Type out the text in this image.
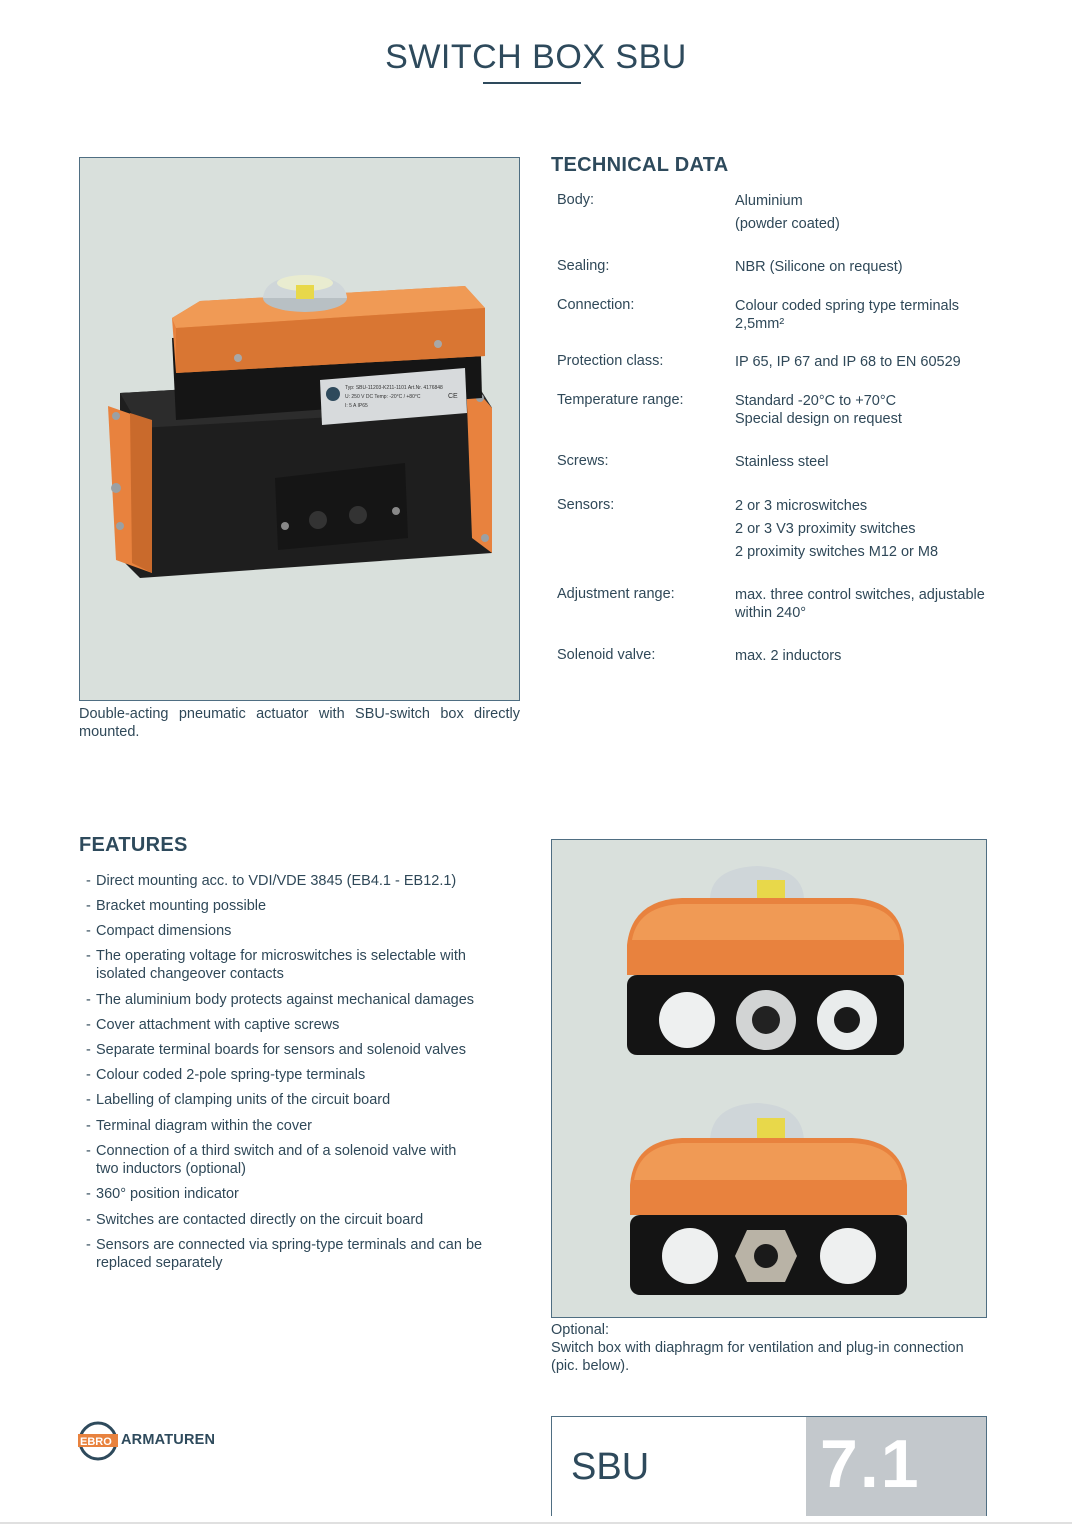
SWITCH BOX SBU
Typ: SBU-11203-K211-1101 Art.Nr. 4176848
U: 250 V DC Temp: -20°C / +80°C
I: 5 A IP65
CE
Double-acting pneumatic actuator with SBU-switch box directly mounted.
TECHNICAL DATA
Body:	Aluminium
(powder coated)
Sealing:	NBR (Silicone on request)
Connection:	Colour coded spring type terminals
2,5mm²
Protection class:	IP 65, IP 67 and IP 68 to EN 60529
Temperature range:	Standard -20°C to +70°C
Special design on request
Screws:	Stainless steel
Sensors:	2 or 3 microswitches
2 or 3 V3 proximity switches
2 proximity switches M12 or M8
Adjustment range:	max. three control switches, adjustable
within 240°
Solenoid valve:	max. 2 inductors
FEATURES
- Direct mounting acc. to VDI/VDE 3845 (EB4.1 - EB12.1)
- Bracket mounting possible
- Compact dimensions
- The operating voltage for microswitches is selectable with
isolated changeover contacts
- The aluminium body protects against mechanical damages
- Cover attachment with captive screws
- Separate terminal boards for sensors and solenoid valves
- Colour coded 2-pole spring-type terminals
- Labelling of clamping units of the circuit board
- Terminal diagram within the cover
- Connection of a third switch and of a solenoid valve with
two inductors (optional)
- 360° position indicator
- Switches are contacted directly on the circuit board
- Sensors are connected via spring-type terminals and can be
replaced separately
Optional:
Switch box with diaphragm for ventilation and plug-in connection
(pic. below).
EBRO ARMATUREN
SBU	7.1
